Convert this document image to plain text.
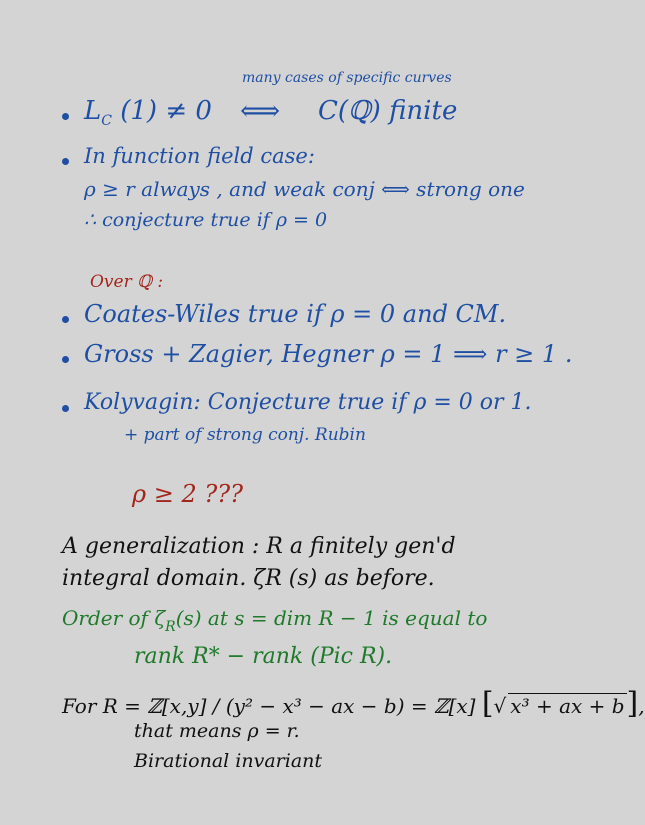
many cases of specific curves
$L_C$ (1) ≠ 0 ⟺ C(ℚ) finite
In function field case:
ρ ≥ r always , and weak conj ⟺ strong one
∴ conjecture true if ρ = 0
Over ℚ :
Coates-Wiles true if ρ = 0 and CM.
Gross + Zagier, Hegner ρ = 1 ⟹ r ≥ 1 .
Kolyvagin: Conjecture true if ρ = 0 or 1.
+ part of strong conj. Rubin
ρ ≥ 2 ???
A generalization : R a finitely gen'd
integral domain. ζR (s) as before.
Order of $\zeta_R(s)$ at s = dim R − 1 is equal to
rank R* − rank (Pic R).
For R = ℤ[x,y] / (y² − x³ − ax − b) = ℤ[x] [√ x³ + ax + b],
that means ρ = r.
Birational invariant
